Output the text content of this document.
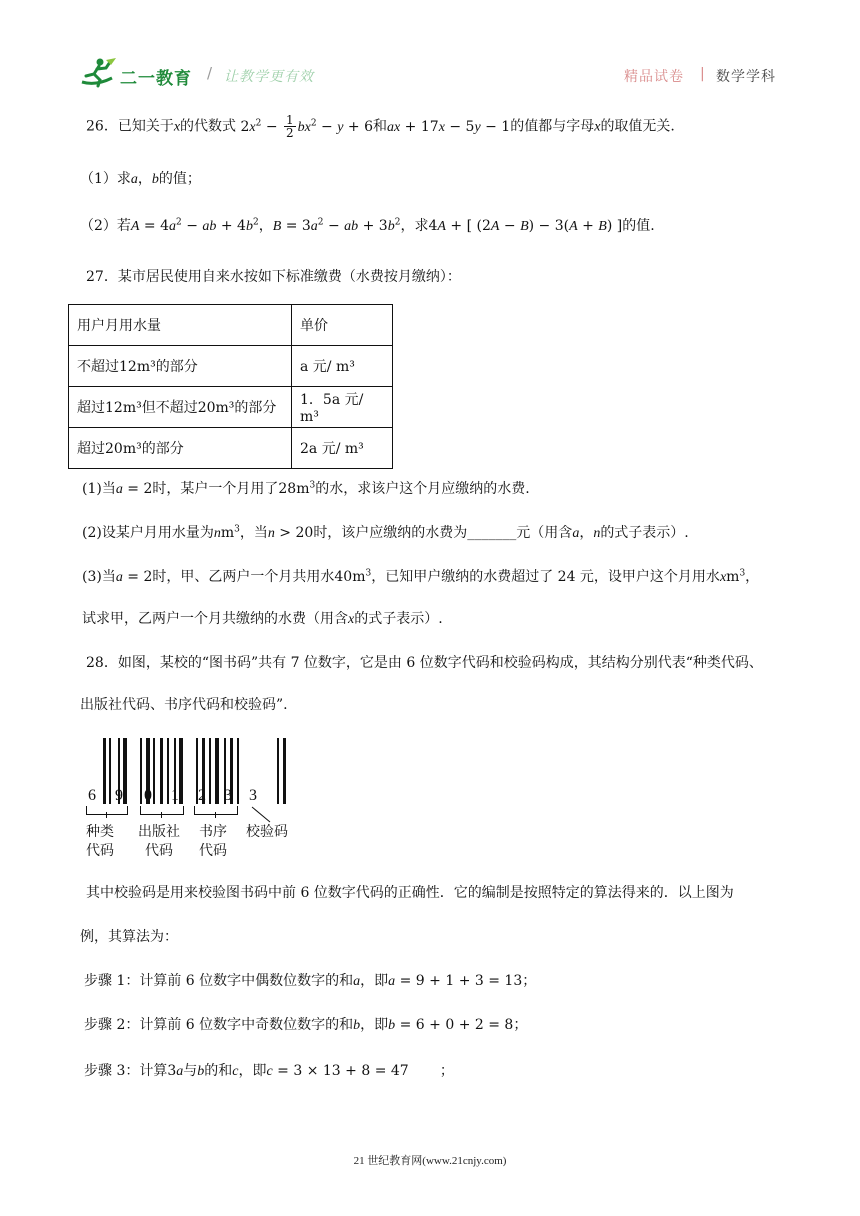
二一教育 / 让教学更有效	精品试卷 | 数学学科
26．已知关于x的代数式 $2x^2 - \frac{1}{2} bx^2 - y + 6$和ax + 17x − 5y − 1的值都与字母x的取值无关.
（1）求a，b的值；
（2）若$A = 4a^2$ − ab + $4b^2$，$B = 3a^2$ − ab + $3b^2$，求4A + [ (2A − B) − 3(A + B) ]的值.
27．某市居民使用自来水按如下标准缴费（水费按月缴纳）：
用户月用水量	单价
不超过12m³的部分	a 元/ m³
超过12m³但不超过20m³的部分	1．5a 元/ m³
超过20m³的部分	2a 元/ m³
(1)当a = 2时，某户一个月用了$28m^3$的水，求该户这个月应缴纳的水费.
(2)设某户月用水量为$nm^3$，当n > 20时，该户应缴纳的水费为_______元（用含a，n的式子表示）.
(3)当a = 2时，甲、乙两户一个月共用水$40m^3$，已知甲户缴纳的水费超过了 24 元，设甲户这个月用水$xm^3$，
试求甲，乙两户一个月共缴纳的水费（用含x的式子表示）.
28．如图，某校的“图书码”共有 7 位数字，它是由 6 位数字代码和校验码构成，其结构分别代表“种类代码、
出版社代码、书序代码和校验码”.
6 9 0 1 2 3 3
种类
代码
出版社
代码
书序
代码
校验码
其中校验码是用来校验图书码中前 6 位数字代码的正确性．它的编制是按照特定的算法得来的．以上图为
例，其算法为：
步骤 1：计算前 6 位数字中偶数位数字的和a，即a = 9 + 1 + 3 = 13；
步骤 2：计算前 6 位数字中奇数位数字的和b，即b = 6 + 0 + 2 = 8；
步骤 3：计算3a与b的和c，即c = 3 × 13 + 8 = 47       ；
21 世纪教育网(www.21cnjy.com)
